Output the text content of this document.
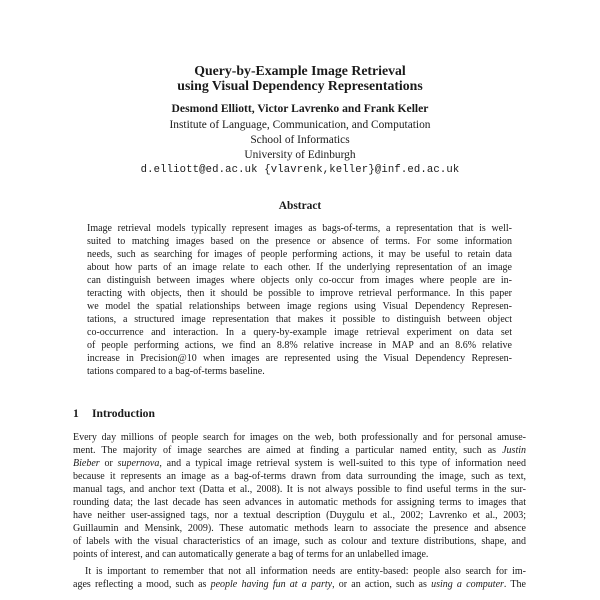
Query-by-Example Image Retrieval
using Visual Dependency Representations
Desmond Elliott, Victor Lavrenko and Frank Keller
Institute of Language, Communication, and Computation
School of Informatics
University of Edinburgh
d.elliott@ed.ac.uk {vlavrenk,keller}@inf.ed.ac.uk
Abstract
Image retrieval models typically represent images as bags-of-terms, a representation that is well-
suited to matching images based on the presence or absence of terms. For some information
needs, such as searching for images of people performing actions, it may be useful to retain data
about how parts of an image relate to each other. If the underlying representation of an image
can distinguish between images where objects only co-occur from images where people are in-
teracting with objects, then it should be possible to improve retrieval performance. In this paper
we model the spatial relationships between image regions using Visual Dependency Represen-
tations, a structured image representation that makes it possible to distinguish between object
co-occurrence and interaction. In a query-by-example image retrieval experiment on data set
of people performing actions, we find an 8.8% relative increase in MAP and an 8.6% relative
increase in Precision@10 when images are represented using the Visual Dependency Represen-
tations compared to a bag-of-terms baseline.
1 Introduction
Every day millions of people search for images on the web, both professionally and for personal amuse-
ment. The majority of image searches are aimed at finding a particular named entity, such as Justin
Bieber or supernova, and a typical image retrieval system is well-suited to this type of information need
because it represents an image as a bag-of-terms drawn from data surrounding the image, such as text,
manual tags, and anchor text (Datta et al., 2008). It is not always possible to find useful terms in the sur-
rounding data; the last decade has seen advances in automatic methods for assigning terms to images that
have neither user-assigned tags, nor a textual description (Duygulu et al., 2002; Lavrenko et al., 2003;
Guillaumin and Mensink, 2009). These automatic methods learn to associate the presence and absence
of labels with the visual characteristics of an image, such as colour and texture distributions, shape, and
points of interest, and can automatically generate a bag of terms for an unlabelled image.
It is important to remember that not all information needs are entity-based: people also search for im-
ages reflecting a mood, such as people having fun at a party, or an action, such as using a computer. The
